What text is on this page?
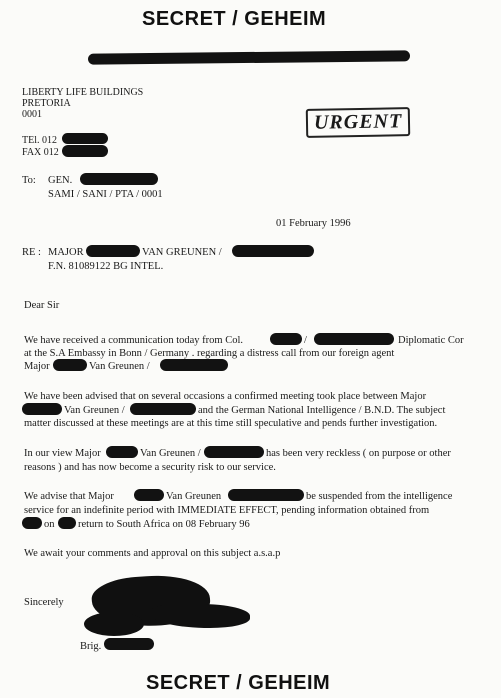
SECRET / GEHEIM
LIBERTY LIFE BUILDINGS
PRETORIA
0001
TEl. 012
FAX 012
URGENT
To: GEN.
SAMI / SANI / PTA / 0001
01 February 1996
RE : MAJOR	VAN GREUNEN /
F.N. 81089122 BG INTEL.
Dear Sir
We have received a communication today from Col.	/	Diplomatic Cor
at the S.A Embassy in Bonn / Germany . regarding a distress call from our foreign agent
Major	Van Greunen /
We have been advised that on several occasions a confirmed meeting took place between Major
Van Greunen /	and the German National Intelligence / B.N.D. The subject
matter discussed at these meetings are at this time still speculative and pends further investigation.
In our view Major	Van Greunen /	has been very reckless ( on purpose or other
reasons ) and has now become a security risk to our service.
We advise that Major	Van Greunen	be suspended from the intelligence
service for an indefinite period with IMMEDIATE EFFECT, pending information obtained from
on return to South Africa on 08 February 96
We await your comments and approval on this subject a.s.a.p
Sincerely
Brig.
SECRET / GEHEIM
